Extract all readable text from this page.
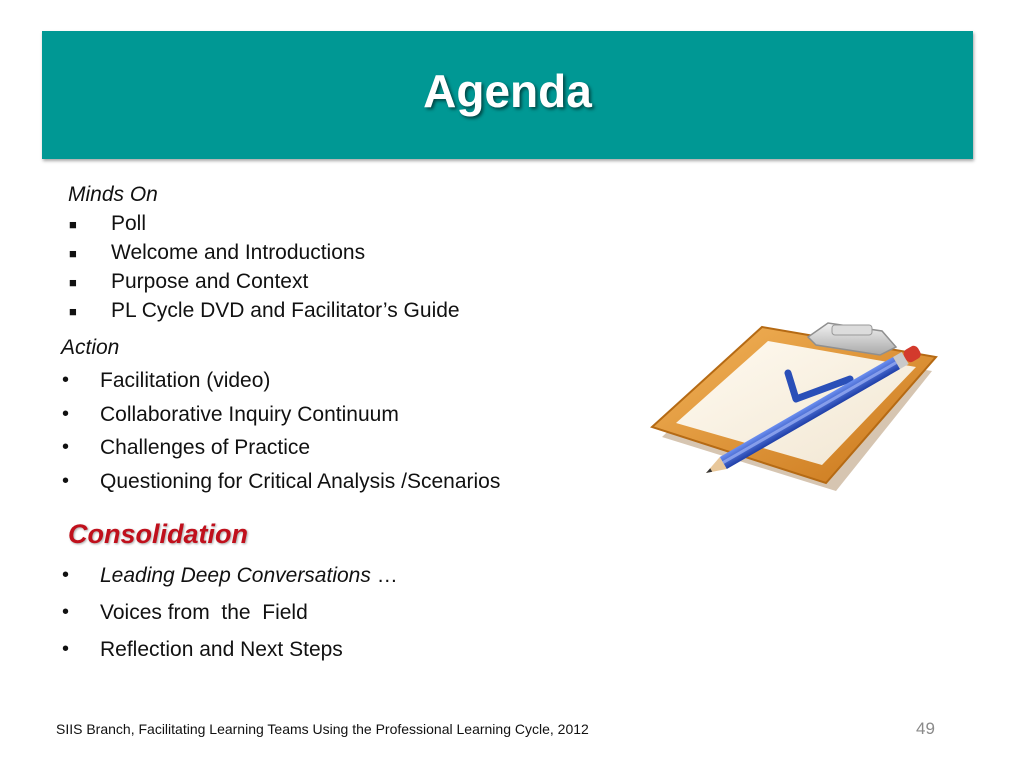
Agenda
Minds On
■ Poll
■ Welcome and Introductions
■ Purpose and Context
■ PL Cycle DVD and Facilitator’s Guide
Action
• Facilitation (video)
• Collaborative Inquiry Continuum
• Challenges of Practice
• Questioning for Critical Analysis /Scenarios
Consolidation
• Leading Deep Conversations …
• Voices from  the  Field
• Reflection and Next Steps
SIIS Branch, Facilitating Learning Teams Using the Professional Learning Cycle, 2012	49
